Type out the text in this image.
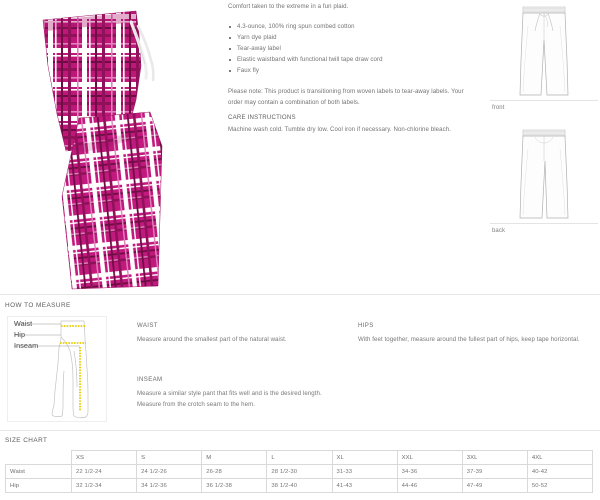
Comfort taken to the extreme in a fun plaid.

4.3-ounce, 100% ring spun combed cotton
Yarn dye plaid
Tear-away label
Elastic waistband with functional twill tape draw cord
Faux fly

Please note: This product is transitioning from woven labels to tear-away labels. Your order may contain a combination of both labels.

CARE INSTRUCTIONS

Machine wash cold. Tumble dry low. Cool iron if necessary. Non-chlorine bleach.

front
back
HOW TO MEASURE
Waist
Hip
Inseam
WAIST
Measure around the smallest part of the natural waist.
INSEAM
Measure a similar style pant that fits well and is the desired length. Measure from the crotch seam to the hem.
HIPS
With feet together, measure around the fullest part of hips, keep tape horizontal.
SIZE CHART
	XS	S	M	L	XL	XXL	3XL	4XL
Waist	22 1/2-24	24 1/2-26	26-28	28 1/2-30	31-33	34-36	37-39	40-42
Hip	32 1/2-34	34 1/2-36	36 1/2-38	38 1/2-40	41-43	44-46	47-49	50-52
